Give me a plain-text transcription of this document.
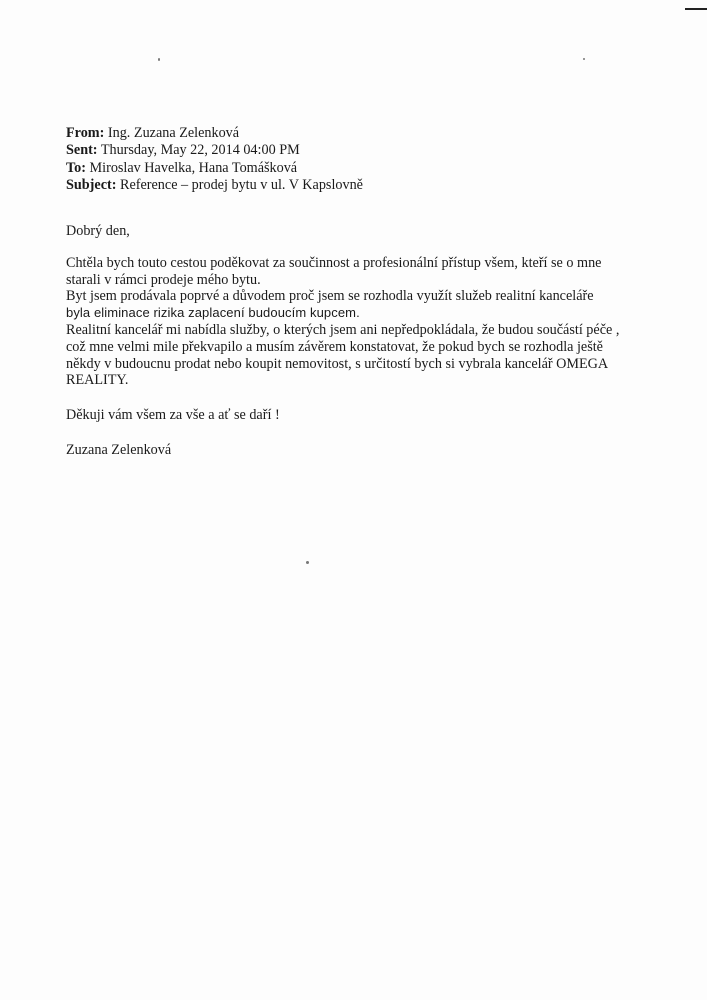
From: Ing. Zuzana Zelenková
Sent: Thursday, May 22, 2014 04:00 PM
To: Miroslav Havelka, Hana Tomášková
Subject: Reference – prodej bytu v ul. V Kapslovně

Dobrý den,

Chtěla bych touto cestou poděkovat za součinnost a profesionální přístup všem, kteří se o mne

starali v rámci prodeje mého bytu.

Byt jsem prodávala poprvé a důvodem proč jsem se rozhodla využít služeb realitní kanceláře

byla eliminace rizika zaplacení budoucím kupcem.

Realitní kancelář mi nabídla služby, o kterých jsem ani nepředpokládala, že budou součástí péče ,

což mne velmi mile překvapilo a musím závěrem konstatovat, že pokud bych se rozhodla ještě

někdy v budoucnu prodat nebo koupit nemovitost, s určitostí bych si vybrala kancelář OMEGA

REALITY.

Děkuji vám všem za vše a ať se daří !

Zuzana Zelenková
